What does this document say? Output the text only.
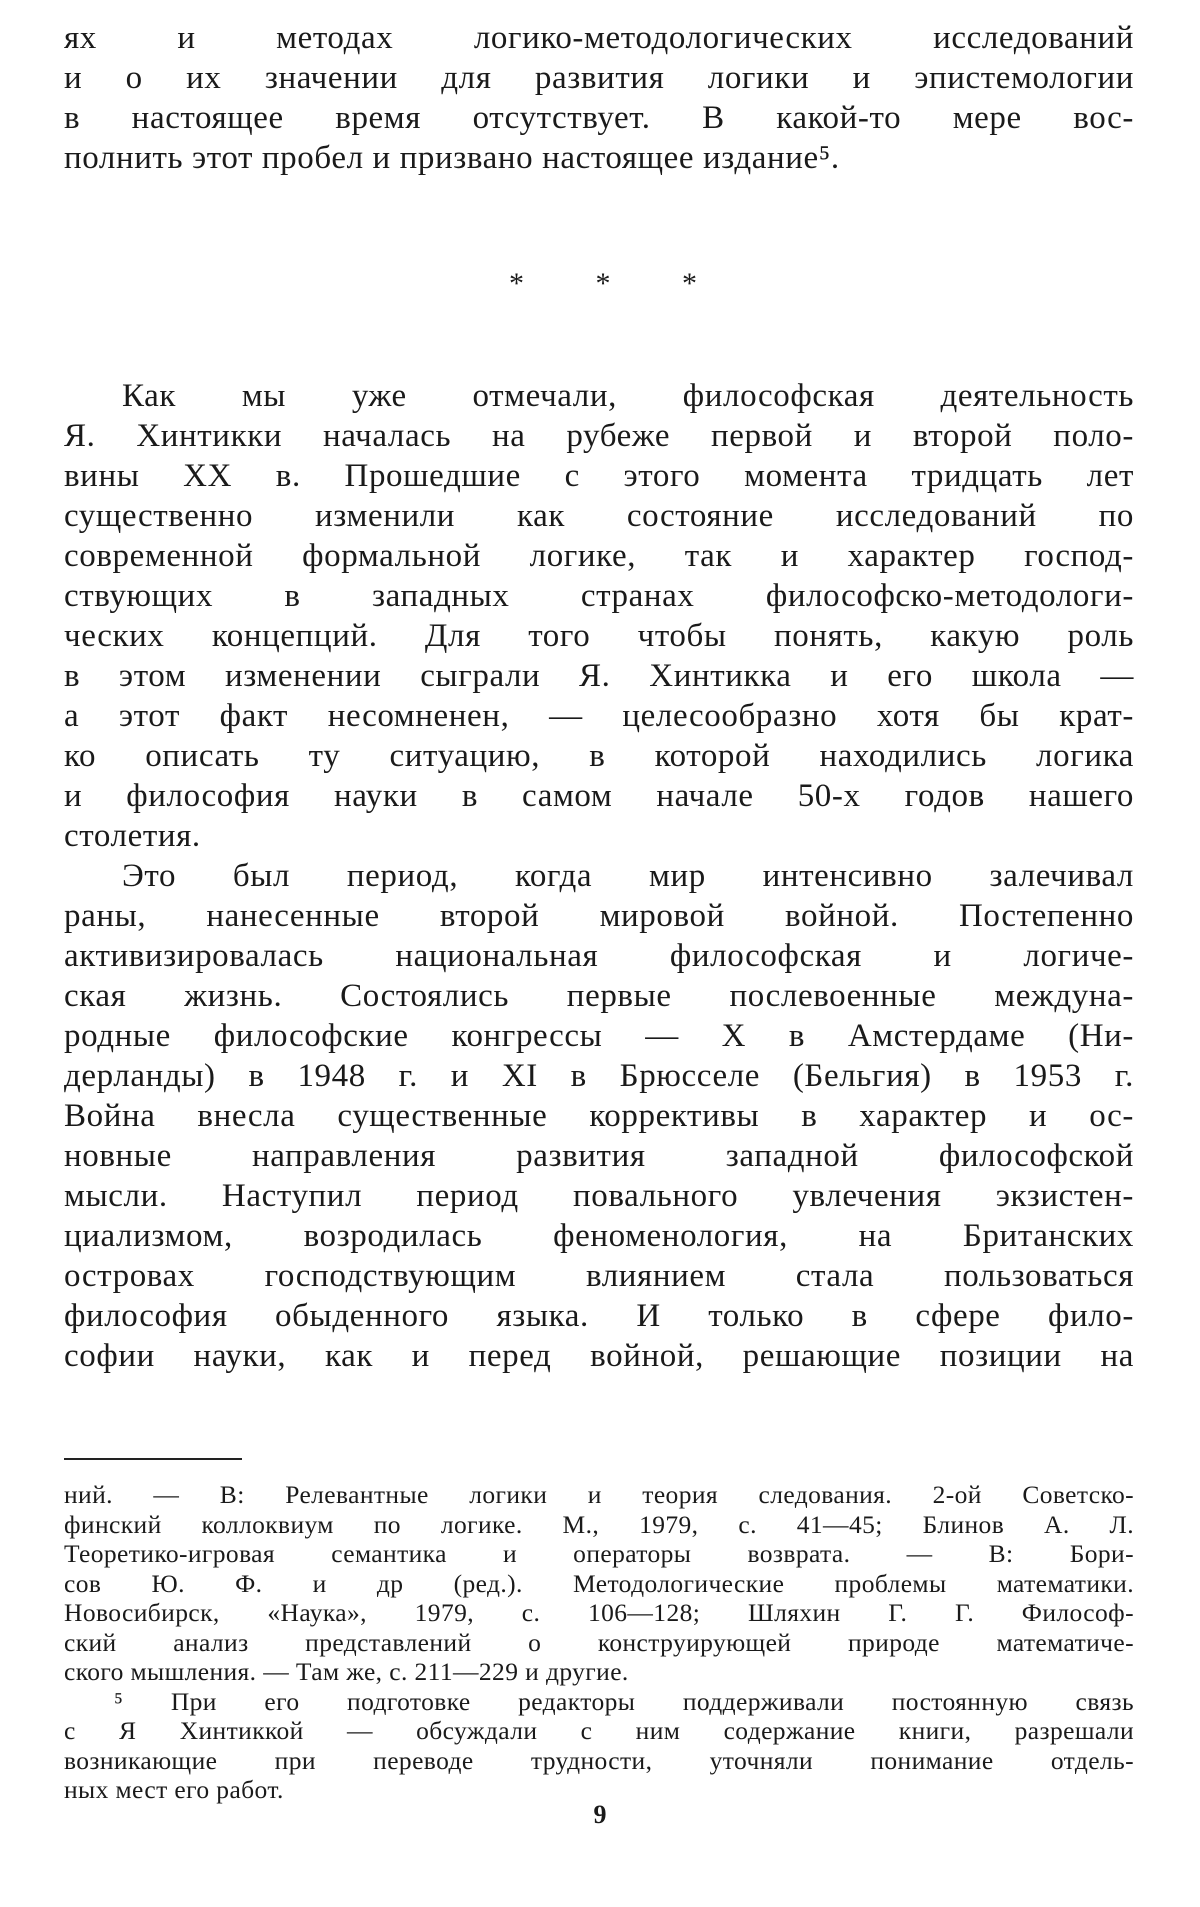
ях и методах логико-методологических исследований
и о их значении для развития логики и эпистемологии
в настоящее время отсутствует. В какой-то мере вос-
полнить этот пробел и призвано настоящее издание⁵.
* * *
Как мы уже отмечали, философская деятельность
Я. Хинтикки началась на рубеже первой и второй поло-
вины XX в. Прошедшие с этого момента тридцать лет
существенно изменили как состояние исследований по
современной формальной логике, так и характер господ-
ствующих в западных странах философско-методологи-
ческих концепций. Для того чтобы понять, какую роль
в этом изменении сыграли Я. Хинтикка и его школа —
а этот факт несомненен, — целесообразно хотя бы крат-
ко описать ту ситуацию, в которой находились логика
и философия науки в самом начале 50-х годов нашего
столетия.
Это был период, когда мир интенсивно залечивал
раны, нанесенные второй мировой войной. Постепенно
активизировалась национальная философская и логиче-
ская жизнь. Состоялись первые послевоенные междуна-
родные философские конгрессы — X в Амстердаме (Ни-
дерланды) в 1948 г. и XI в Брюсселе (Бельгия) в 1953 г.
Война внесла существенные коррективы в характер и ос-
новные направления развития западной философской
мысли. Наступил период повального увлечения экзистен-
циализмом, возродилась феноменология, на Британских
островах господствующим влиянием стала пользоваться
философия обыденного языка. И только в сфере фило-
софии науки, как и перед войной, решающие позиции на
ний. — В: Релевантные логики и теория следования. 2-ой Советско-
финский коллоквиум по логике. М., 1979, с. 41—45; Блинов А. Л.
Теоретико-игровая семантика и операторы возврата. — В: Бори-
сов Ю. Ф. и др (ред.). Методологические проблемы математики.
Новосибирск, «Наука», 1979, с. 106—128; Шляхин Г. Г. Философ-
ский анализ представлений о конструирующей природе математиче-
ского мышления. — Там же, с. 211—229 и другие.
⁵ При его подготовке редакторы поддерживали постоянную связь
с Я Хинтиккой — обсуждали с ним содержание книги, разрешали
возникающие при переводе трудности, уточняли понимание отдель-
ных мест его работ.
9
